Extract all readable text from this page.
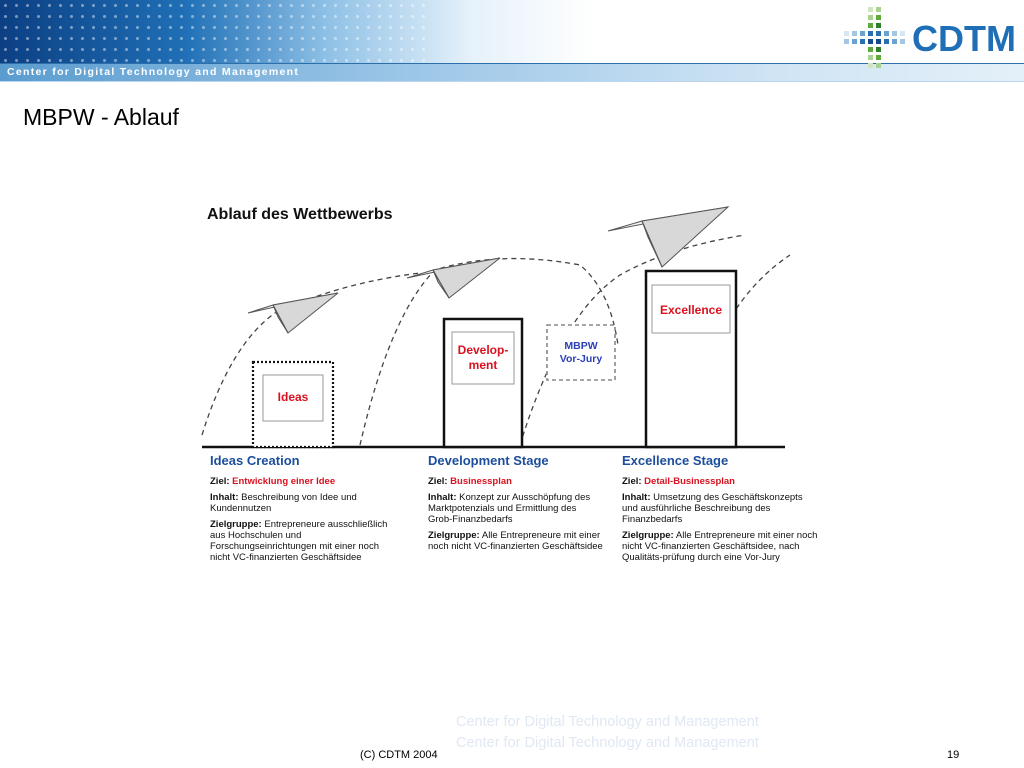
Center for Digital Technology and Management
CDTM
MBPW - Ablauf
Ablauf des Wettbewerbs
Ideas
Develop-
ment
Excellence
MBPW
Vor-Jury
Ideas Creation

Ziel: Entwicklung einer Idee

Inhalt: Beschreibung von Idee und Kundennutzen

Zielgruppe: Entrepreneure ausschließlich aus Hochschulen und Forschungseinrichtungen mit einer noch nicht VC-finanzierten Geschäftsidee

Development Stage

Ziel: Businessplan

Inhalt: Konzept zur Ausschöpfung des Marktpotenzials und Ermittlung des Grob-Finanzbedarfs

Zielgruppe: Alle Entrepreneure mit einer noch nicht VC-finanzierten Geschäftsidee

Excellence Stage

Ziel: Detail-Businessplan

Inhalt: Umsetzung des Geschäftskonzepts und ausführliche Beschreibung des Finanzbedarfs

Zielgruppe: Alle Entrepreneure mit einer noch nicht VC-finanzierten Geschäftsidee, nach Qualitäts-prüfung durch eine Vor-Jury

Center for Digital Technology and Management
Center for Digital Technology and Management
(C) CDTM 2004	19
